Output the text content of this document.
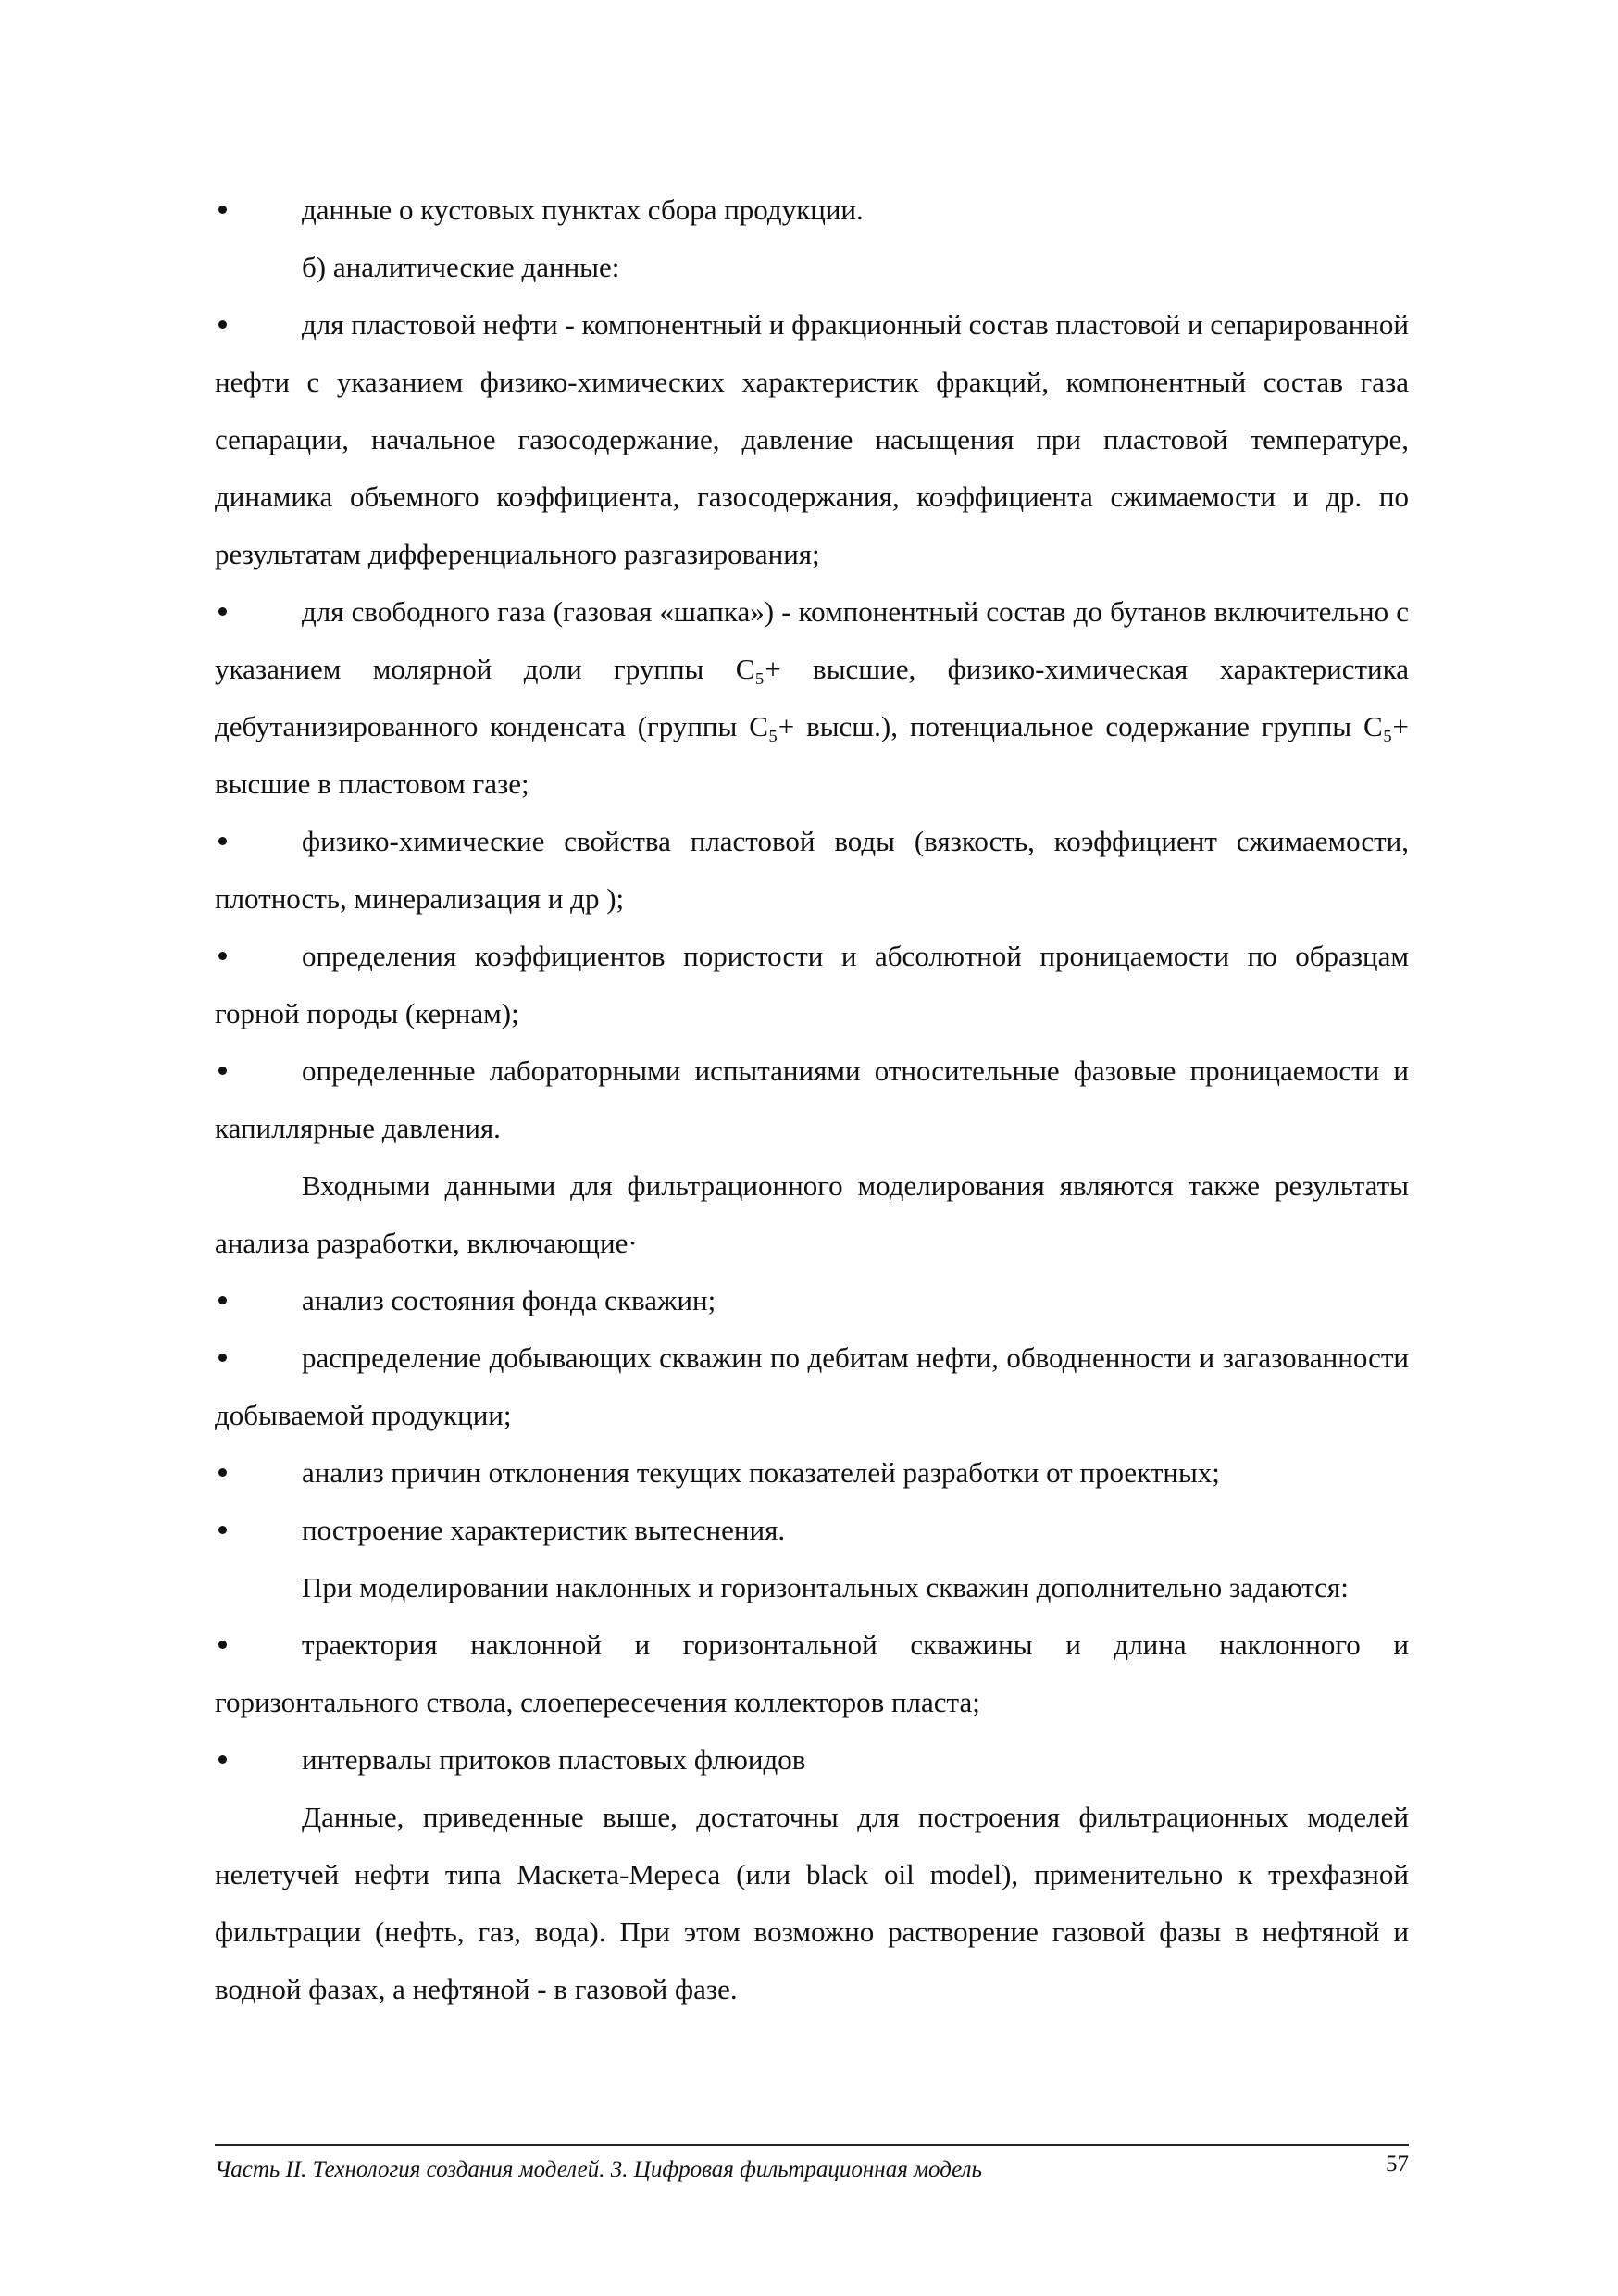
данные о кустовых пунктах сбора продукции.

б) аналитические данные:

для пластовой нефти - компонентный и фракционный состав пластовой и сепарированной нефти с указанием физико-химических характеристик фракций, компонентный состав газа сепарации, начальное газосодержание, давление насыщения при пластовой температуре, динамика объемного коэффициента, газосодержания, коэффициента сжимаемости и др. по результатам дифференциального разгазирования;

для свободного газа (газовая «шапка») - компонентный состав до бутанов включительно с указанием молярной доли группы C₅+ высшие, физико-химическая характеристика дебутанизированного конденсата (группы C₅+ высш.), потенциальное содержание группы C₅+ высшие в пластовом газе;

физико-химические свойства пластовой воды (вязкость, коэффициент сжимаемости, плотность, минерализация и др );

определения коэффициентов пористости и абсолютной проницаемости по образцам горной породы (кернам);

определенные лабораторными испытаниями относительные фазовые проницаемости и капиллярные давления.

Входными данными для фильтрационного моделирования являются также результаты анализа разработки, включающие·

анализ состояния фонда скважин;

распределение добывающих скважин по дебитам нефти, обводненности и загазованности добываемой продукции;

анализ причин отклонения текущих показателей разработки от проектных;

построение характеристик вытеснения.

При моделировании наклонных и горизонтальных скважин дополнительно задаются:

траектория наклонной и горизонтальной скважины и длина наклонного и горизонтального ствола, слоепересечения коллекторов пласта;

интервалы притоков пластовых флюидов

Данные, приведенные выше, достаточны для построения фильтрационных моделей нелетучей нефти типа Маскета-Мереса (или black oil model), применительно к трехфазной фильтрации (нефть, газ, вода). При этом возможно растворение газовой фазы в нефтяной и водной фазах, а нефтяной - в газовой фазе.

Часть II. Технология создания моделей. 3. Цифровая фильтрационная модель	57
